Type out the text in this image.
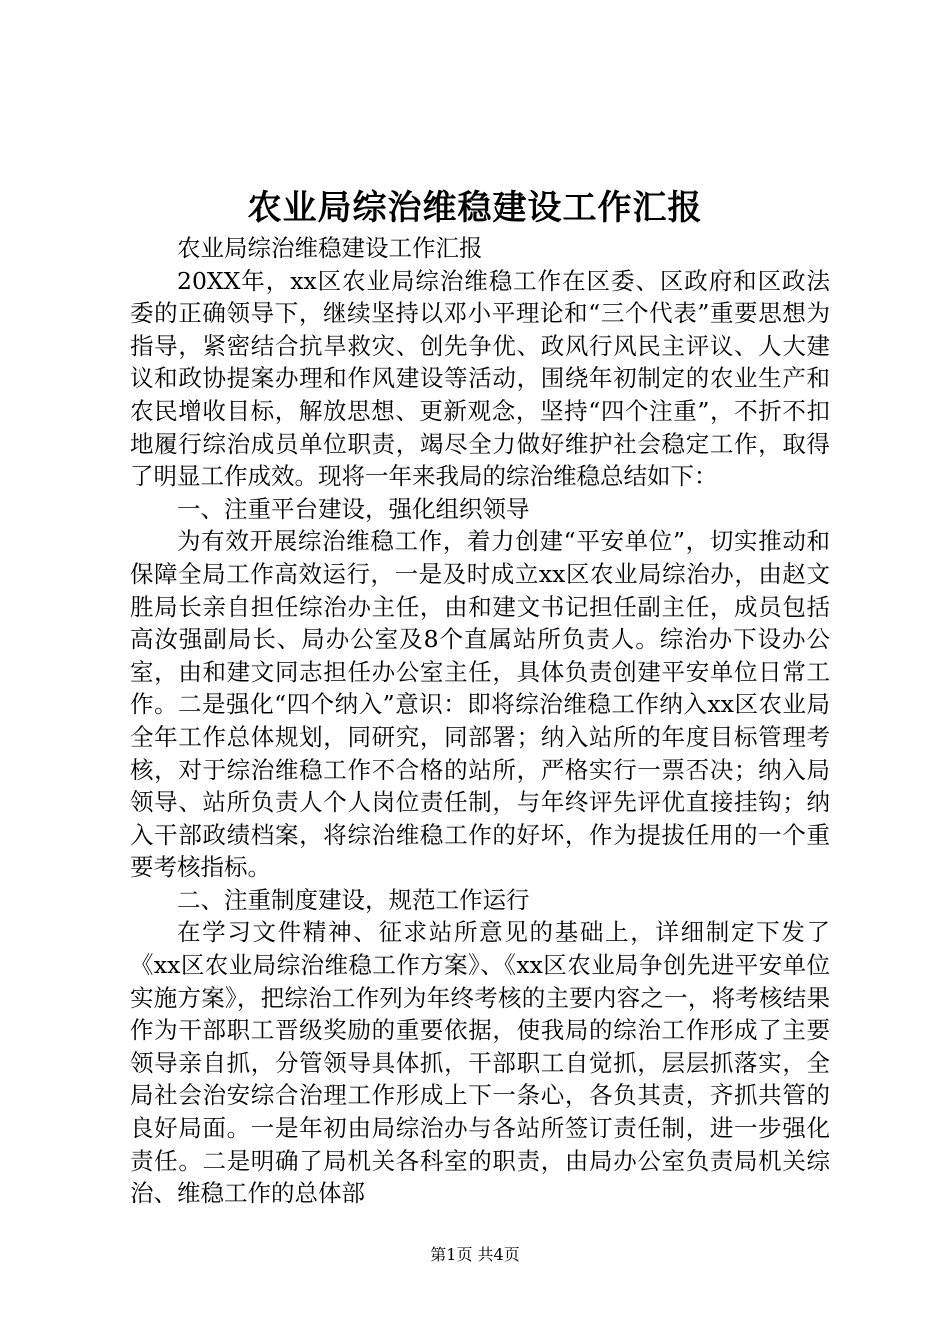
农业局综治维稳建设工作汇报

农业局综治维稳建设工作汇报

20XX年，xx区农业局综治维稳工作在区委、区政府和区政法委的正确领导下，继续坚持以邓小平理论和“三个代表”重要思想为指导，紧密结合抗旱救灾、创先争优、政风行风民主评议、人大建议和政协提案办理和作风建设等活动，围绕年初制定的农业生产和农民增收目标，解放思想、更新观念，坚持“四个注重”，不折不扣地履行综治成员单位职责，竭尽全力做好维护社会稳定工作，取得了明显工作成效。现将一年来我局的综治维稳总结如下：

一、注重平台建设，强化组织领导

为有效开展综治维稳工作，着力创建“平安单位”，切实推动和保障全局工作高效运行，一是及时成立xx区农业局综治办，由赵文胜局长亲自担任综治办主任，由和建文书记担任副主任，成员包括高汝强副局长、局办公室及8个直属站所负责人。综治办下设办公室，由和建文同志担任办公室主任，具体负责创建平安单位日常工作。二是强化“四个纳入”意识：即将综治维稳工作纳入xx区农业局全年工作总体规划，同研究，同部署；纳入站所的年度目标管理考核，对于综治维稳工作不合格的站所，严格实行一票否决；纳入局领导、站所负责人个人岗位责任制，与年终评先评优直接挂钩；纳入干部政绩档案，将综治维稳工作的好坏，作为提拔任用的一个重要考核指标。

二、注重制度建设，规范工作运行

在学习文件精神、征求站所意见的基础上，详细制定下发了《xx区农业局综治维稳工作方案》、《xx区农业局争创先进平安单位实施方案》，把综治工作列为年终考核的主要内容之一，将考核结果作为干部职工晋级奖励的重要依据，使我局的综治工作形成了主要领导亲自抓，分管领导具体抓，干部职工自觉抓，层层抓落实，全局社会治安综合治理工作形成上下一条心，各负其责，齐抓共管的良好局面。一是年初由局综治办与各站所签订责任制，进一步强化责任。二是明确了局机关各科室的职责，由局办公室负责局机关综治、维稳工作的总体部

第1页 共4页
